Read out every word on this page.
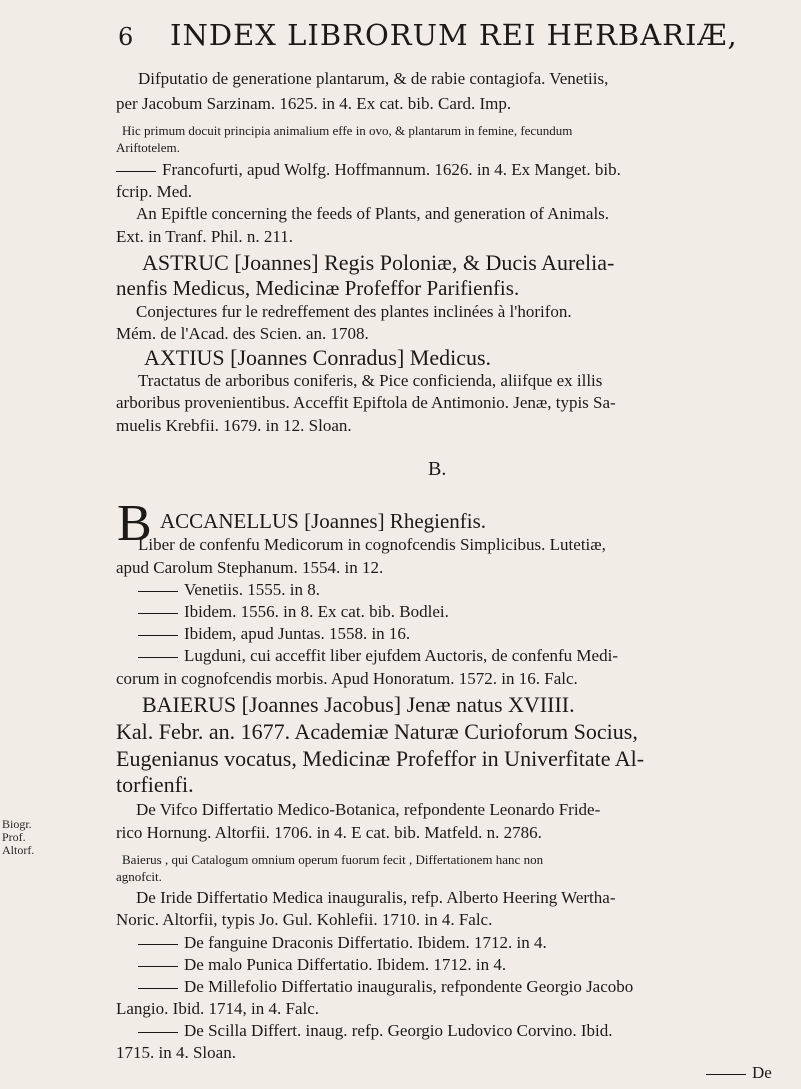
6 INDEX LIBRORUM REI HERBARIÆ,
Biogr.
Prof.
Altorf.
Difputatio de generatione plantarum, & de rabie contagiofa. Venetiis,
per Jacobum Sarzinam. 1625. in 4. Ex cat. bib. Card. Imp.
Hic primum docuit principia animalium effe in ovo, & plantarum in femine, fecundum
Ariftotelem.
Francofurti, apud Wolfg. Hoffmannum. 1626. in 4. Ex Manget. bib.
fcrip. Med.
An Epiftle concerning the feeds of Plants, and generation of Animals.
Ext. in Tranf. Phil. n. 211.
ASTRUC [Joannes] Regis Poloniæ, & Ducis Aurelia-
nenfis Medicus, Medicinæ Profeffor Parifienfis.
Conjectures fur le redreffement des plantes inclinées à l'horifon.
Mém. de l'Acad. des Scien. an. 1708.
AXTIUS [Joannes Conradus] Medicus.
Tractatus de arboribus coniferis, & Pice conficienda, aliifque ex illis
arboribus provenientibus. Acceffit Epiftola de Antimonio. Jenæ, typis Sa-
muelis Krebfii. 1679. in 12. Sloan.
B.
B ACCANELLUS [Joannes] Rhegienfis.
Liber de confenfu Medicorum in cognofcendis Simplicibus. Lutetiæ,
apud Carolum Stephanum. 1554. in 12.
Venetiis. 1555. in 8.
Ibidem. 1556. in 8. Ex cat. bib. Bodlei.
Ibidem, apud Juntas. 1558. in 16.
Lugduni, cui acceffit liber ejufdem Auctoris, de confenfu Medi-
corum in cognofcendis morbis. Apud Honoratum. 1572. in 16. Falc.
BAIERUS [Joannes Jacobus] Jenæ natus XVIIII.
Kal. Febr. an. 1677. Academiæ Naturæ Curioforum Socius,
Eugenianus vocatus, Medicinæ Profeffor in Univerfitate Al-
torfienfi.
De Vifco Differtatio Medico-Botanica, refpondente Leonardo Fride-
rico Hornung. Altorfii. 1706. in 4. E cat. bib. Matfeld. n. 2786.
Baierus , qui Catalogum omnium operum fuorum fecit , Differtationem hanc non
agnofcit.
De Iride Differtatio Medica inauguralis, refp. Alberto Heering Wertha-
Noric. Altorfii, typis Jo. Gul. Kohlefii. 1710. in 4. Falc.
De fanguine Draconis Differtatio. Ibidem. 1712. in 4.
De malo Punica Differtatio. Ibidem. 1712. in 4.
De Millefolio Differtatio inauguralis, refpondente Georgio Jacobo
Langio. Ibid. 1714, in 4. Falc.
De Scilla Differt. inaug. refp. Georgio Ludovico Corvino. Ibid.
1715. in 4. Sloan.
De
